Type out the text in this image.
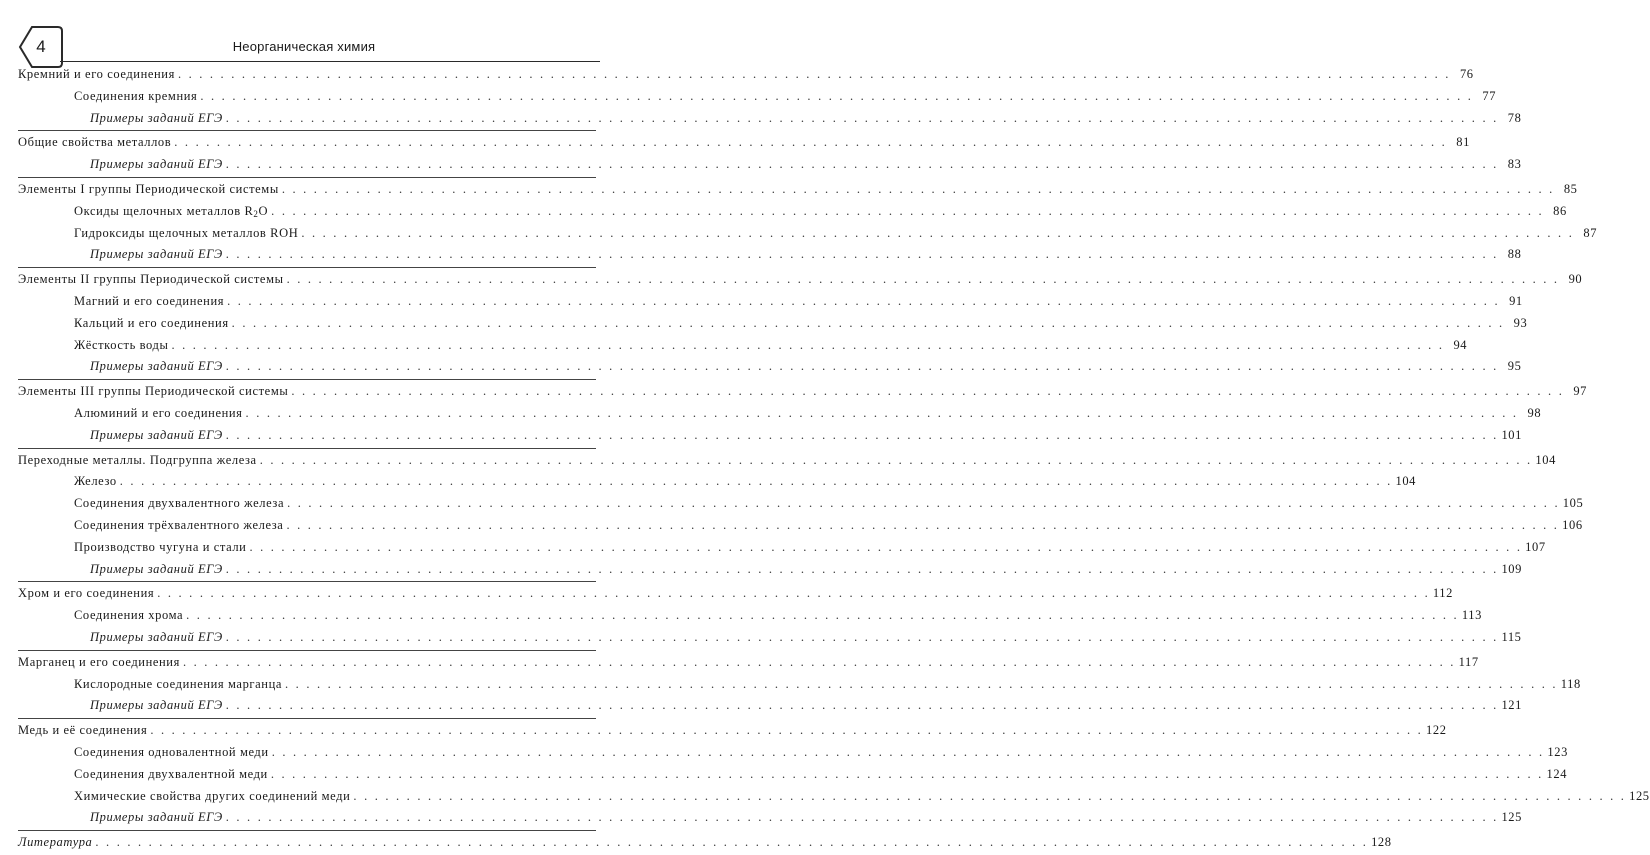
4	Неорганическая химия
Кремний и его соединения . . . . . . . . . . . . . . . . . . . . . . . . . . . . . . . . . . . . . . . . . . . . . . . . . . . . . . . . . . . . . . . . . . . . . . . . . . . . . . . . . . . . . . . . . . . . . . . . . . . . . . . . . . . . . . . . . . . . . . . . 76
Соединения кремния . . . . . . . . . . . . . . . . . . . . . . . . . . . . . . . . . . . . . . . . . . . . . . . . . . . . . . . . . . . . . . . . . . . . . . . . . . . . . . . . . . . . . . . . . . . . . . . . . . . . . . . . . . . . . . . . . . . . . . . . 77
Примеры заданий ЕГЭ . . . . . . . . . . . . . . . . . . . . . . . . . . . . . . . . . . . . . . . . . . . . . . . . . . . . . . . . . . . . . . . . . . . . . . . . . . . . . . . . . . . . . . . . . . . . . . . . . . . . . . . . . . . . . . . . . . . . . . . . 78
Общие свойства металлов . . . . . . . . . . . . . . . . . . . . . . . . . . . . . . . . . . . . . . . . . . . . . . . . . . . . . . . . . . . . . . . . . . . . . . . . . . . . . . . . . . . . . . . . . . . . . . . . . . . . . . . . . . . . . . . . . . . . . . . . 81
Примеры заданий ЕГЭ . . . . . . . . . . . . . . . . . . . . . . . . . . . . . . . . . . . . . . . . . . . . . . . . . . . . . . . . . . . . . . . . . . . . . . . . . . . . . . . . . . . . . . . . . . . . . . . . . . . . . . . . . . . . . . . . . . . . . . . . 83
Элементы I группы Периодической системы . . . . . . . . . . . . . . . . . . . . . . . . . . . . . . . . . . . . . . . . . . . . . . . . . . . . . . . . . . . . . . . . . . . . . . . . . . . . . . . . . . . . . . . . . . . . . . . . . . . . . . . . . . . . . . . . . . . . . . . . 85
Оксиды щелочных металлов $R_2O$ . . . . . . . . . . . . . . . . . . . . . . . . . . . . . . . . . . . . . . . . . . . . . . . . . . . . . . . . . . . . . . . . . . . . . . . . . . . . . . . . . . . . . . . . . . . . . . . . . . . . . . . . . . . . . . . . . . . . . . . . 86
Гидроксиды щелочных металлов ROH . . . . . . . . . . . . . . . . . . . . . . . . . . . . . . . . . . . . . . . . . . . . . . . . . . . . . . . . . . . . . . . . . . . . . . . . . . . . . . . . . . . . . . . . . . . . . . . . . . . . . . . . . . . . . . . . . . . . . . . . 87
Примеры заданий ЕГЭ . . . . . . . . . . . . . . . . . . . . . . . . . . . . . . . . . . . . . . . . . . . . . . . . . . . . . . . . . . . . . . . . . . . . . . . . . . . . . . . . . . . . . . . . . . . . . . . . . . . . . . . . . . . . . . . . . . . . . . . . 88
Элементы II группы Периодической системы . . . . . . . . . . . . . . . . . . . . . . . . . . . . . . . . . . . . . . . . . . . . . . . . . . . . . . . . . . . . . . . . . . . . . . . . . . . . . . . . . . . . . . . . . . . . . . . . . . . . . . . . . . . . . . . . . . . . . . . . 90
Магний и его соединения . . . . . . . . . . . . . . . . . . . . . . . . . . . . . . . . . . . . . . . . . . . . . . . . . . . . . . . . . . . . . . . . . . . . . . . . . . . . . . . . . . . . . . . . . . . . . . . . . . . . . . . . . . . . . . . . . . . . . . . . 91
Кальций и его соединения . . . . . . . . . . . . . . . . . . . . . . . . . . . . . . . . . . . . . . . . . . . . . . . . . . . . . . . . . . . . . . . . . . . . . . . . . . . . . . . . . . . . . . . . . . . . . . . . . . . . . . . . . . . . . . . . . . . . . . . . 93
Жёсткость воды . . . . . . . . . . . . . . . . . . . . . . . . . . . . . . . . . . . . . . . . . . . . . . . . . . . . . . . . . . . . . . . . . . . . . . . . . . . . . . . . . . . . . . . . . . . . . . . . . . . . . . . . . . . . . . . . . . . . . . . . 94
Примеры заданий ЕГЭ . . . . . . . . . . . . . . . . . . . . . . . . . . . . . . . . . . . . . . . . . . . . . . . . . . . . . . . . . . . . . . . . . . . . . . . . . . . . . . . . . . . . . . . . . . . . . . . . . . . . . . . . . . . . . . . . . . . . . . . . 95
Элементы III группы Периодической системы . . . . . . . . . . . . . . . . . . . . . . . . . . . . . . . . . . . . . . . . . . . . . . . . . . . . . . . . . . . . . . . . . . . . . . . . . . . . . . . . . . . . . . . . . . . . . . . . . . . . . . . . . . . . . . . . . . . . . . . . 97
Алюминий и его соединения . . . . . . . . . . . . . . . . . . . . . . . . . . . . . . . . . . . . . . . . . . . . . . . . . . . . . . . . . . . . . . . . . . . . . . . . . . . . . . . . . . . . . . . . . . . . . . . . . . . . . . . . . . . . . . . . . . . . . . . . 98
Примеры заданий ЕГЭ . . . . . . . . . . . . . . . . . . . . . . . . . . . . . . . . . . . . . . . . . . . . . . . . . . . . . . . . . . . . . . . . . . . . . . . . . . . . . . . . . . . . . . . . . . . . . . . . . . . . . . . . . . . . . . . . . . . . . . . . 101
Переходные металлы. Подгруппа железа . . . . . . . . . . . . . . . . . . . . . . . . . . . . . . . . . . . . . . . . . . . . . . . . . . . . . . . . . . . . . . . . . . . . . . . . . . . . . . . . . . . . . . . . . . . . . . . . . . . . . . . . . . . . . . . . . . . . . . . . 104
Железо . . . . . . . . . . . . . . . . . . . . . . . . . . . . . . . . . . . . . . . . . . . . . . . . . . . . . . . . . . . . . . . . . . . . . . . . . . . . . . . . . . . . . . . . . . . . . . . . . . . . . . . . . . . . . . . . . . . . . . . . 104
Соединения двухвалентного железа . . . . . . . . . . . . . . . . . . . . . . . . . . . . . . . . . . . . . . . . . . . . . . . . . . . . . . . . . . . . . . . . . . . . . . . . . . . . . . . . . . . . . . . . . . . . . . . . . . . . . . . . . . . . . . . . . . . . . . . . 105
Соединения трёхвалентного железа . . . . . . . . . . . . . . . . . . . . . . . . . . . . . . . . . . . . . . . . . . . . . . . . . . . . . . . . . . . . . . . . . . . . . . . . . . . . . . . . . . . . . . . . . . . . . . . . . . . . . . . . . . . . . . . . . . . . . . . . 106
Производство чугуна и стали . . . . . . . . . . . . . . . . . . . . . . . . . . . . . . . . . . . . . . . . . . . . . . . . . . . . . . . . . . . . . . . . . . . . . . . . . . . . . . . . . . . . . . . . . . . . . . . . . . . . . . . . . . . . . . . . . . . . . . . . 107
Примеры заданий ЕГЭ . . . . . . . . . . . . . . . . . . . . . . . . . . . . . . . . . . . . . . . . . . . . . . . . . . . . . . . . . . . . . . . . . . . . . . . . . . . . . . . . . . . . . . . . . . . . . . . . . . . . . . . . . . . . . . . . . . . . . . . . 109
Хром и его соединения . . . . . . . . . . . . . . . . . . . . . . . . . . . . . . . . . . . . . . . . . . . . . . . . . . . . . . . . . . . . . . . . . . . . . . . . . . . . . . . . . . . . . . . . . . . . . . . . . . . . . . . . . . . . . . . . . . . . . . . . 112
Соединения хрома . . . . . . . . . . . . . . . . . . . . . . . . . . . . . . . . . . . . . . . . . . . . . . . . . . . . . . . . . . . . . . . . . . . . . . . . . . . . . . . . . . . . . . . . . . . . . . . . . . . . . . . . . . . . . . . . . . . . . . . . 113
Примеры заданий ЕГЭ . . . . . . . . . . . . . . . . . . . . . . . . . . . . . . . . . . . . . . . . . . . . . . . . . . . . . . . . . . . . . . . . . . . . . . . . . . . . . . . . . . . . . . . . . . . . . . . . . . . . . . . . . . . . . . . . . . . . . . . . 115
Марганец и его соединения . . . . . . . . . . . . . . . . . . . . . . . . . . . . . . . . . . . . . . . . . . . . . . . . . . . . . . . . . . . . . . . . . . . . . . . . . . . . . . . . . . . . . . . . . . . . . . . . . . . . . . . . . . . . . . . . . . . . . . . . 117
Кислородные соединения марганца . . . . . . . . . . . . . . . . . . . . . . . . . . . . . . . . . . . . . . . . . . . . . . . . . . . . . . . . . . . . . . . . . . . . . . . . . . . . . . . . . . . . . . . . . . . . . . . . . . . . . . . . . . . . . . . . . . . . . . . . 118
Примеры заданий ЕГЭ . . . . . . . . . . . . . . . . . . . . . . . . . . . . . . . . . . . . . . . . . . . . . . . . . . . . . . . . . . . . . . . . . . . . . . . . . . . . . . . . . . . . . . . . . . . . . . . . . . . . . . . . . . . . . . . . . . . . . . . . 121
Медь и её соединения . . . . . . . . . . . . . . . . . . . . . . . . . . . . . . . . . . . . . . . . . . . . . . . . . . . . . . . . . . . . . . . . . . . . . . . . . . . . . . . . . . . . . . . . . . . . . . . . . . . . . . . . . . . . . . . . . . . . . . . . 122
Соединения одновалентной меди . . . . . . . . . . . . . . . . . . . . . . . . . . . . . . . . . . . . . . . . . . . . . . . . . . . . . . . . . . . . . . . . . . . . . . . . . . . . . . . . . . . . . . . . . . . . . . . . . . . . . . . . . . . . . . . . . . . . . . . . 123
Соединения двухвалентной меди . . . . . . . . . . . . . . . . . . . . . . . . . . . . . . . . . . . . . . . . . . . . . . . . . . . . . . . . . . . . . . . . . . . . . . . . . . . . . . . . . . . . . . . . . . . . . . . . . . . . . . . . . . . . . . . . . . . . . . . . 124
Химические свойства других соединений меди . . . . . . . . . . . . . . . . . . . . . . . . . . . . . . . . . . . . . . . . . . . . . . . . . . . . . . . . . . . . . . . . . . . . . . . . . . . . . . . . . . . . . . . . . . . . . . . . . . . . . . . . . . . . . . . . . . . . . . . . 125
Примеры заданий ЕГЭ . . . . . . . . . . . . . . . . . . . . . . . . . . . . . . . . . . . . . . . . . . . . . . . . . . . . . . . . . . . . . . . . . . . . . . . . . . . . . . . . . . . . . . . . . . . . . . . . . . . . . . . . . . . . . . . . . . . . . . . . 125
Литература . . . . . . . . . . . . . . . . . . . . . . . . . . . . . . . . . . . . . . . . . . . . . . . . . . . . . . . . . . . . . . . . . . . . . . . . . . . . . . . . . . . . . . . . . . . . . . . . . . . . . . . . . . . . . . . . . . . . . . . . 128
